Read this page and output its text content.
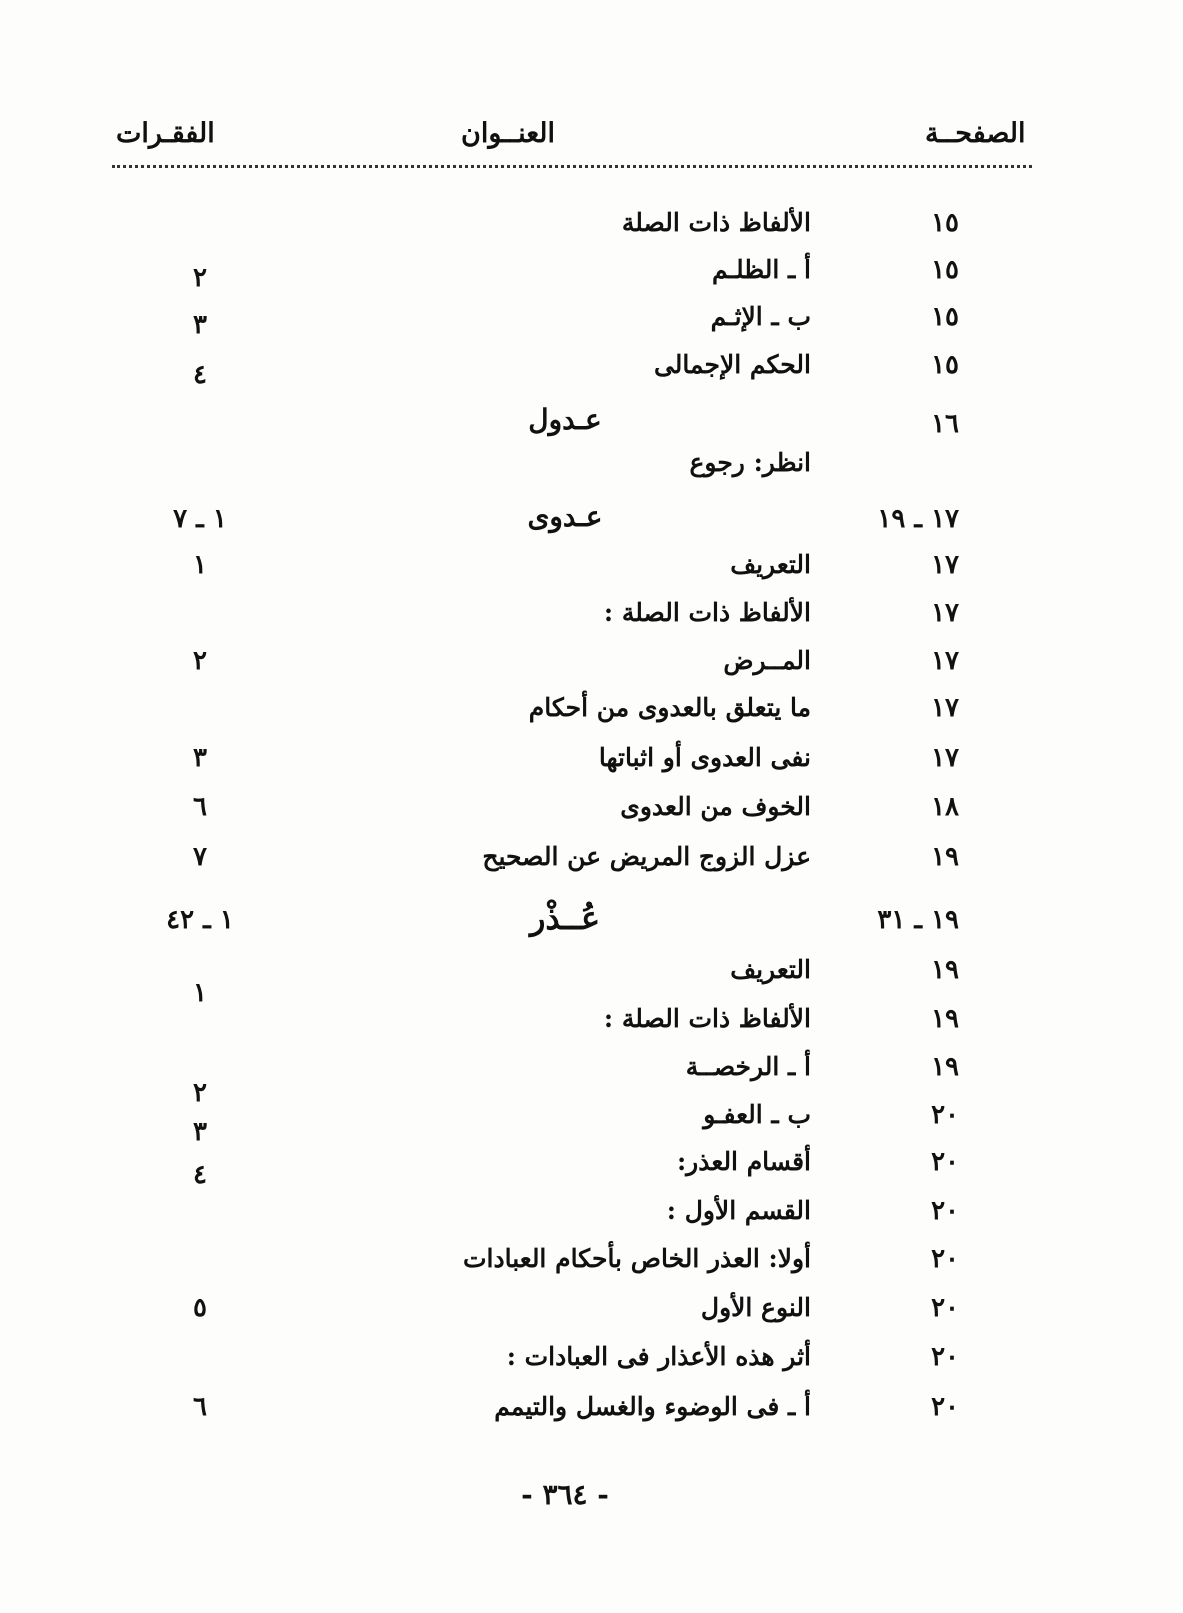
الصفحــة
العنــوان
الفقـرات
١٥
الألفاظ ذات الصلة
١٥
أ ـ الظلـم
٢
١٥
ب ـ الإثـم
٣
١٥
الحكم الإجمالى
٤
١٦
عـدول
انظر: رجوع
١٧ ـ ١٩
عـدوى
١ ـ ٧
١٧
التعريف
١
١٧
الألفاظ ذات الصلة :
١٧
المــرض
٢
١٧
ما يتعلق بالعدوى من أحكام
١٧
نفى العدوى أو اثباتها
٣
١٨
الخوف من العدوى
٦
١٩
عزل الزوج المريض عن الصحيح
٧
١٩ ـ ٣١
عُــذْر
١ ـ ٤٢
١٩
التعريف
١٩
الألفاظ ذات الصلة :
١
١٩
أ ـ الرخصــة
٢٠
ب ـ العفـو
٢
٢٠
أقسام العذر:
٣
٢٠
القسم الأول :
٤
٢٠
أولا: العذر الخاص بأحكام العبادات
٢٠
النوع الأول
٥
٢٠
أثر هذه الأعذار فى العبادات :
٢٠
أ ـ فى الوضوء والغسل والتيمم
٦
- ٣٦٤ -
